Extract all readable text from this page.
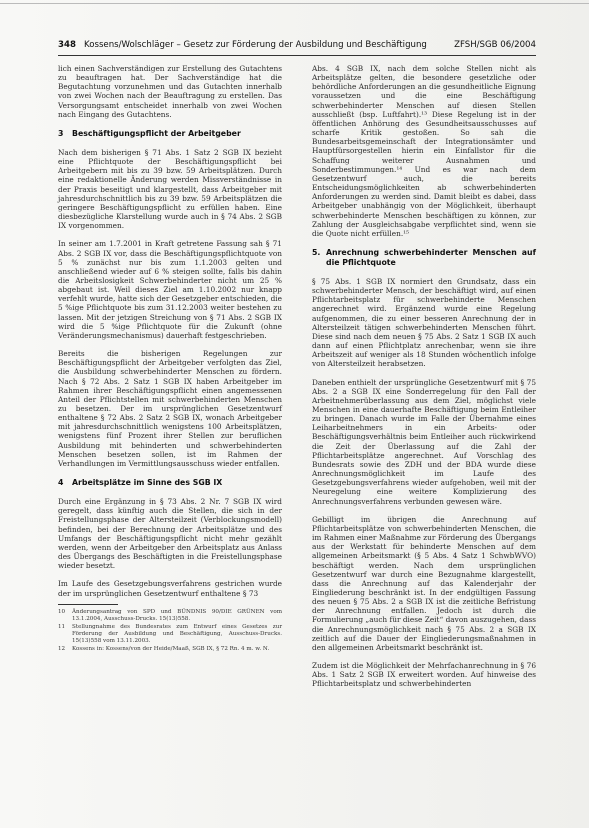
348 Kossens/Wolschläger – Gesetz zur Förderung der Ausbildung und Beschäftigung	ZFSH/SGB 06/2004

lich einen Sachverständigen zur Erstellung des Gutachtens zu beauftragen hat. Der Sachverständige hat die Begutachtung vorzunehmen und das Gutachten innerhalb von zwei Wochen nach der Beauftragung zu erstellen. Das Versorgungsamt entscheidet innerhalb von zwei Wochen nach Eingang des Gutachtens.

3	Beschäftigungspflicht der Arbeitgeber

Nach dem bisherigen § 71 Abs. 1 Satz 2 SGB IX bezieht eine Pflichtquote der Beschäftigungspflicht bei Arbeitgebern mit bis zu 39 bzw. 59 Arbeitsplätzen. Durch eine redaktionelle Änderung werden Missverständnisse in der Praxis beseitigt und klargestellt, dass Arbeitgeber mit jahresdurchschnittlich bis zu 39 bzw. 59 Arbeitsplätzen die geringere Beschäftigungspflicht zu erfüllen haben. Eine diesbezügliche Klarstellung wurde auch in § 74 Abs. 2 SGB IX vorgenommen.

In seiner am 1.7.2001 in Kraft getretene Fassung sah § 71 Abs. 2 SGB IX vor, dass die Beschäftigungspflichtquote von 5 % zunächst nur bis zum 1.1.2003 gelten und anschließend wieder auf 6 % steigen sollte, falls bis dahin die Arbeitslosigkeit Schwerbehinderter nicht um 25 % abgebaut ist. Weil dieses Ziel am 1.10.2002 nur knapp verfehlt wurde, hatte sich der Gesetzgeber entschieden, die 5 %ige Pflichtquote bis zum 31.12.2003 weiter bestehen zu lassen. Mit der jetzigen Streichung von § 71 Abs. 2 SGB IX wird die 5 %ige Pflichtquote für die Zukunft (ohne Veränderungsmechanismus) dauerhaft festgeschrieben.

Bereits die bisherigen Regelungen zur Beschäftigungspflicht der Arbeitgeber verfolgten das Ziel, die Ausbildung schwerbehinderter Menschen zu fördern. Nach § 72 Abs. 2 Satz 1 SGB IX haben Arbeitgeber im Rahmen ihrer Beschäftigungspflicht einen angemessenen Anteil der Pflichtstellen mit schwerbehinderten Menschen zu besetzen. Der im ursprünglichen Gesetzentwurf enthaltene § 72 Abs. 2 Satz 2 SGB IX, wonach Arbeitgeber mit jahresdurchschnittlich wenigstens 100 Arbeitsplätzen, wenigstens fünf Prozent ihrer Stellen zur beruflichen Ausbildung mit behinderten und schwerbehinderten Menschen besetzen sollen, ist im Rahmen der Verhandlungen im Vermittlungsausschuss wieder entfallen.

4	Arbeitsplätze im Sinne des SGB IX

Durch eine Ergänzung in § 73 Abs. 2 Nr. 7 SGB IX wird geregelt, dass künftig auch die Stellen, die sich in der Freistellungsphase der Altersteilzeit (Verblockungsmodell) befinden, bei der Berechnung der Arbeitsplätze und des Umfangs der Beschäftigungspflicht nicht mehr gezählt werden, wenn der Arbeitgeber den Arbeitsplatz aus Anlass des Übergangs des Beschäftigten in die Freistellungsphase wieder besetzt.

Im Laufe des Gesetzgebungsverfahrens gestrichen wurde der im ursprünglichen Gesetzentwurf enthaltene § 73

10	Änderungsantrag von SPD und BÜNDNIS 90/DIE GRÜNEN vom 13.1.2004, Ausschuss-Drucks. 15(13)558.
11	Stellungnahme des Bundesrates zum Entwurf eines Gesetzes zur Förderung der Ausbildung und Beschäftigung, Ausschuss-Drucks. 15(13)558 vom 13.11.2003.
12	Kossens in: Kossens/von der Heide/Maaß, SGB IX, § 72 Rn. 4 m. w. N.

Abs. 4 SGB IX, nach dem solche Stellen nicht als Arbeitsplätze gelten, die besondere gesetzliche oder behördliche Anforderungen an die gesundheitliche Eignung voraussetzen und die eine Beschäftigung schwerbehinderter Menschen auf diesen Stellen ausschließt (bsp. Luftfahrt).¹³ Diese Regelung ist in der öffentlichen Anhörung des Gesundheitsausschusses auf scharfe Kritik gestoßen. So sah die Bundesarbeitsgemeinschaft der Integrationsämter und Hauptfürsorgestellen hierin ein Einfallstor für die Schaffung weiterer Ausnahmen und Sonderbestimmungen.¹⁴ Und es war nach dem Gesetzentwurf auch, die bereits Entscheidungsmöglichkeiten ab schwerbehinderten Anforderungen zu werden sind. Damit bleibt es dabei, dass Arbeitgeber unabhängig von der Möglichkeit, überhaupt schwerbehinderte Menschen beschäftigen zu können, zur Zahlung der Ausgleichsabgabe verpflichtet sind, wenn sie die Quote nicht erfüllen.¹⁵

5. Anrechnung schwerbehinderter Menschen auf die Pflichtquote

§ 75 Abs. 1 SGB IX normiert den Grundsatz, dass ein schwerbehinderter Mensch, der beschäftigt wird, auf einen Pflichtarbeitsplatz für schwerbehinderte Menschen angerechnet wird. Ergänzend wurde eine Regelung aufgenommen, die zu einer besseren Anrechnung der in Altersteilzeit tätigen schwerbehinderten Menschen führt. Diese sind nach dem neuen § 75 Abs. 2 Satz 1 SGB IX auch dann auf einen Pflichtplatz anrechenbar, wenn sie ihre Arbeitszeit auf weniger als 18 Stunden wöchentlich infolge von Altersteilzeit herabsetzen.

Daneben enthielt der ursprüngliche Gesetzentwurf mit § 75 Abs. 2 a SGB IX eine Sonderregelung für den Fall der Arbeitnehmerüberlassung aus dem Ziel, möglichst viele Menschen in eine dauerhafte Beschäftigung beim Entleiher zu bringen. Danach wurde im Falle der Übernahme eines Leiharbeitnehmers in ein Arbeits- oder Beschäftigungsverhältnis beim Entleiher auch rückwirkend die Zeit der Überlassung auf die Zahl der Pflichtarbeitsplätze angerechnet. Auf Vorschlag des Bundesrats sowie des ZDH und der BDA wurde diese Anrechnungsmöglichkeit im Laufe des Gesetzgebungsverfahrens wieder aufgehoben, weil mit der Neuregelung eine weitere Komplizierung des Anrechnungsverfahrens verbunden gewesen wäre.

Gebilligt im übrigen die Anrechnung auf Pflichtarbeitsplätze von schwerbehinderten Menschen, die im Rahmen einer Maßnahme zur Förderung des Übergangs aus der Werkstatt für behinderte Menschen auf dem allgemeinen Arbeitsmarkt (§ 5 Abs. 4 Satz 1 SchwbWVO) beschäftigt werden. Nach dem ursprünglichen Gesetzentwurf war durch eine Bezugnahme klargestellt, dass die Anrechnung auf das Kalenderjahr der Eingliederung beschränkt ist. In der endgültigen Fassung des neuen § 75 Abs. 2 a SGB IX ist die zeitliche Befristung der Anrechnung entfallen. Jedoch ist durch die Formulierung „auch für diese Zeit“ davon auszugehen, dass die Anrechnungsmöglichkeit nach § 75 Abs. 2 a SGB IX zeitlich auf die Dauer der Eingliederungsmaßnahmen in den allgemeinen Arbeitsmarkt beschränkt ist.

Zudem ist die Möglichkeit der Mehrfachanrechnung in § 76 Abs. 1 Satz 2 SGB IX erweitert worden. Auf hinweise des Pflichtarbeitsplatz und schwerbehinderten
